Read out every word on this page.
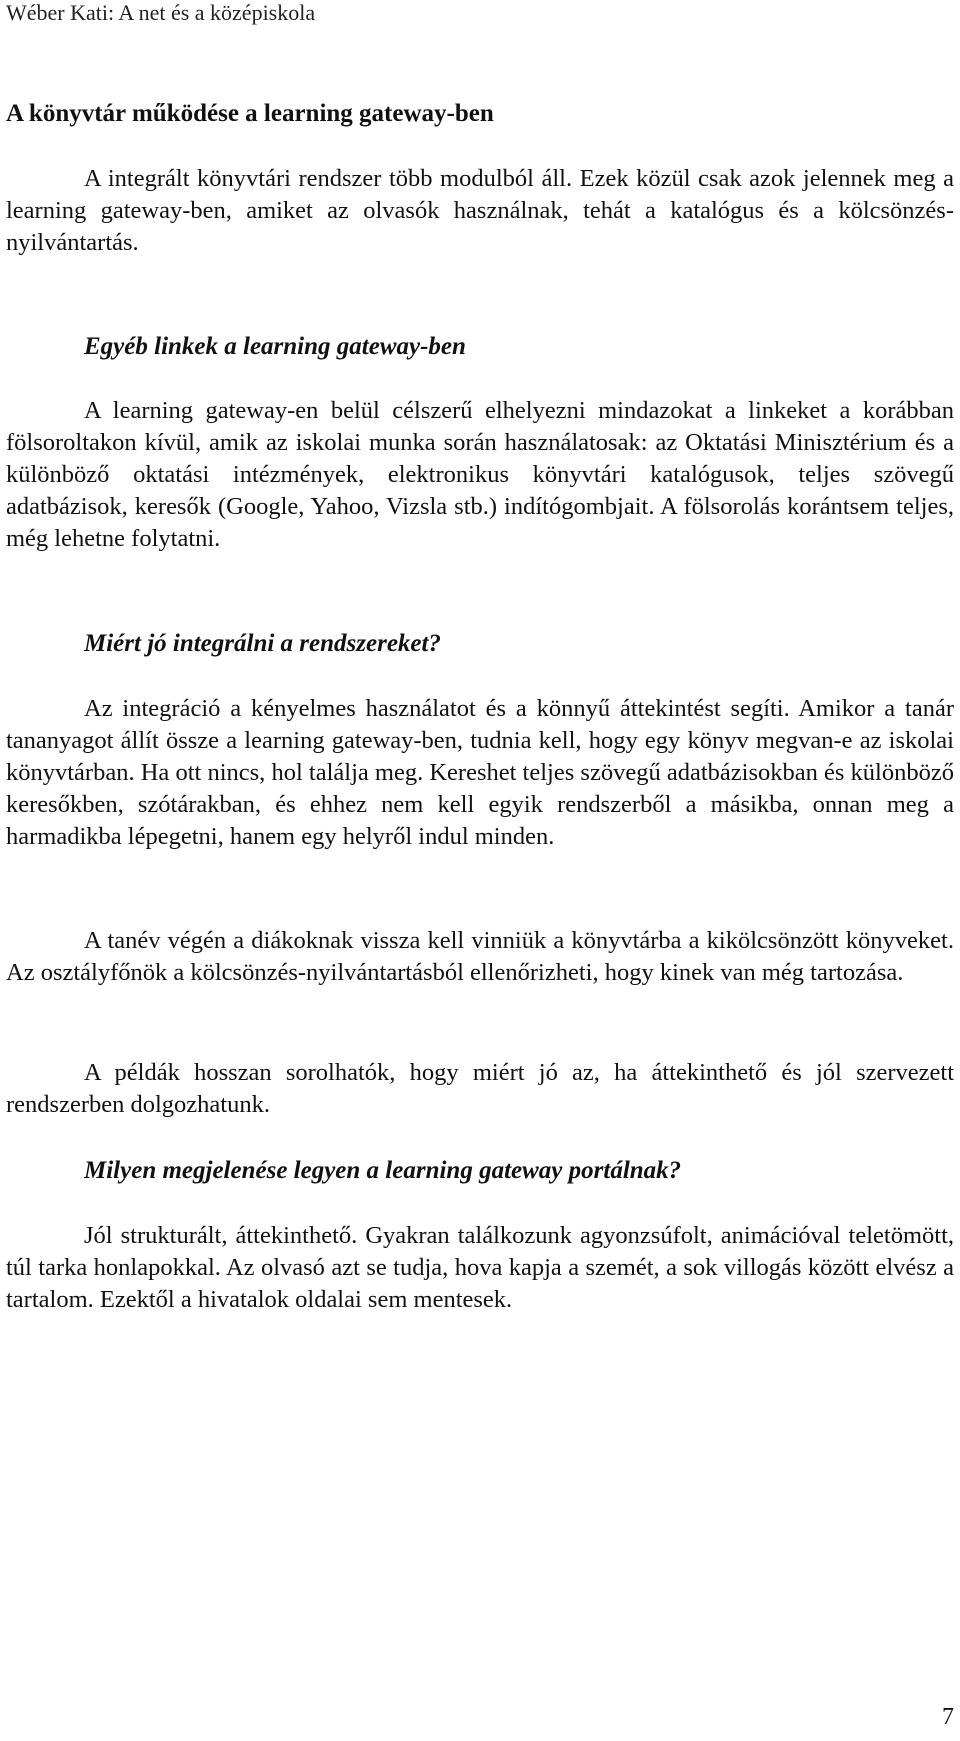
Wéber Kati: A net és a középiskola
A könyvtár működése a learning gateway-ben

A integrált könyvtári rendszer több modulból áll. Ezek közül csak azok jelennek meg a learning gateway-ben, amiket az olvasók használnak, tehát a katalógus és a kölcsönzés-nyilvántartás.

Egyéb linkek a learning gateway-ben

A learning gateway-en belül célszerű elhelyezni mindazokat a linkeket a korábban fölsoroltakon kívül, amik az iskolai munka során használatosak: az Oktatási Minisztérium és a különböző oktatási intézmények, elektronikus könyvtári katalógusok, teljes szövegű adatbázisok, keresők (Google, Yahoo, Vizsla stb.) indítógombjait. A fölsorolás korántsem teljes, még lehetne folytatni.

Miért jó integrálni a rendszereket?

Az integráció a kényelmes használatot és a könnyű áttekintést segíti. Amikor a tanár tananyagot állít össze a learning gateway-ben, tudnia kell, hogy egy könyv megvan-e az iskolai könyvtárban. Ha ott nincs, hol találja meg. Kereshet teljes szövegű adatbázisokban és különböző keresőkben, szótárakban, és ehhez nem kell egyik rendszerből a másikba, onnan meg a harmadikba lépegetni, hanem egy helyről indul minden.

A tanév végén a diákoknak vissza kell vinniük a könyvtárba a kikölcsönzött könyveket. Az osztályfőnök a kölcsönzés-nyilvántartásból ellenőrizheti, hogy kinek van még tartozása.

A példák hosszan sorolhatók, hogy miért jó az, ha áttekinthető és jól szervezett rendszerben dolgozhatunk.

Milyen megjelenése legyen a learning gateway portálnak?

Jól strukturált, áttekinthető. Gyakran találkozunk agyonzsúfolt, animációval teletömött, túl tarka honlapokkal. Az olvasó azt se tudja, hova kapja a szemét, a sok villogás között elvész a tartalom. Ezektől a hivatalok oldalai sem mentesek.

7
